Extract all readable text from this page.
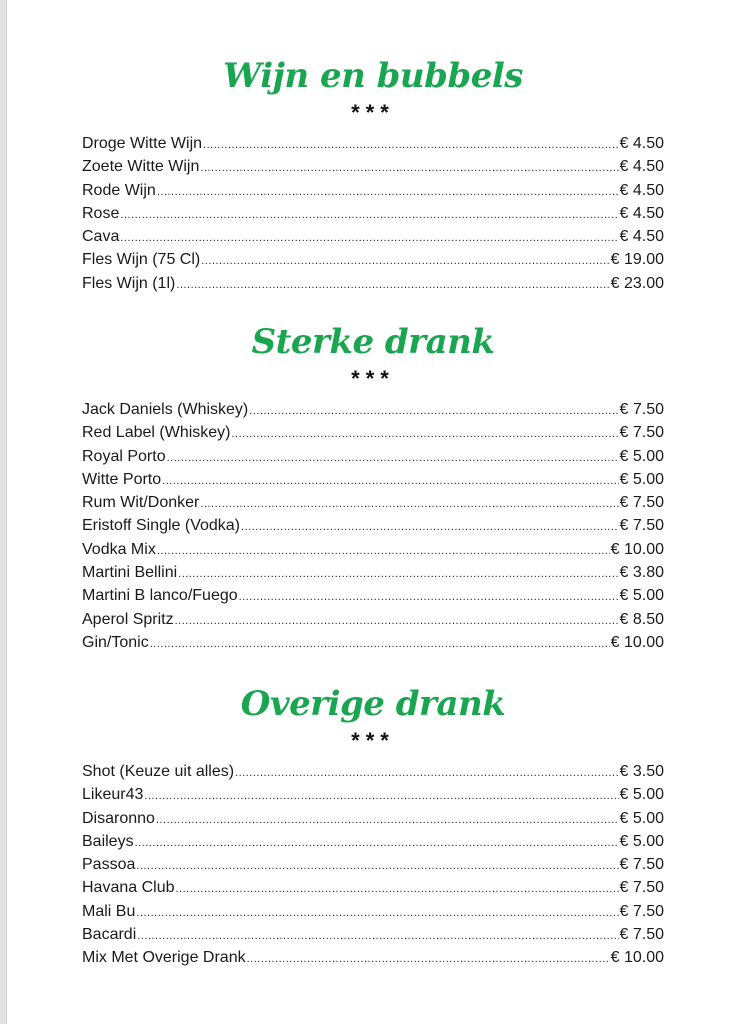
Wijn en bubbels
***
Droge Witte Wijn .....	€ 4.50
Zoete Witte Wijn .....	€ 4.50
Rode Wijn .....	€ 4.50
Rose .....	€ 4.50
Cava .....	€ 4.50
Fles Wijn (75 Cl) .....	€ 19.00
Fles Wijn (1l) .....	€ 23.00
Sterke drank
***
Jack Daniels (Whiskey) .....	€ 7.50
Red Label (Whiskey) .....	€ 7.50
Royal Porto .....	€ 5.00
Witte Porto .....	€ 5.00
Rum Wit/Donker .....	€ 7.50
Eristoff Single (Vodka) .....	€ 7.50
Vodka Mix .....	€ 10.00
Martini Bellini .....	€ 3.80
Martini B lanco/Fuego .....	€ 5.00
Aperol Spritz .....	€ 8.50
Gin/Tonic .....	€ 10.00
Overige drank
***
Shot (Keuze uit alles) .....	€ 3.50
Likeur43 .....	€ 5.00
Disaronno .....	€ 5.00
Baileys .....	€ 5.00
Passoa .....	€ 7.50
Havana Club .....	€ 7.50
Mali Bu .....	€ 7.50
Bacardi .....	€ 7.50
Mix Met Overige Drank .....	€ 10.00
